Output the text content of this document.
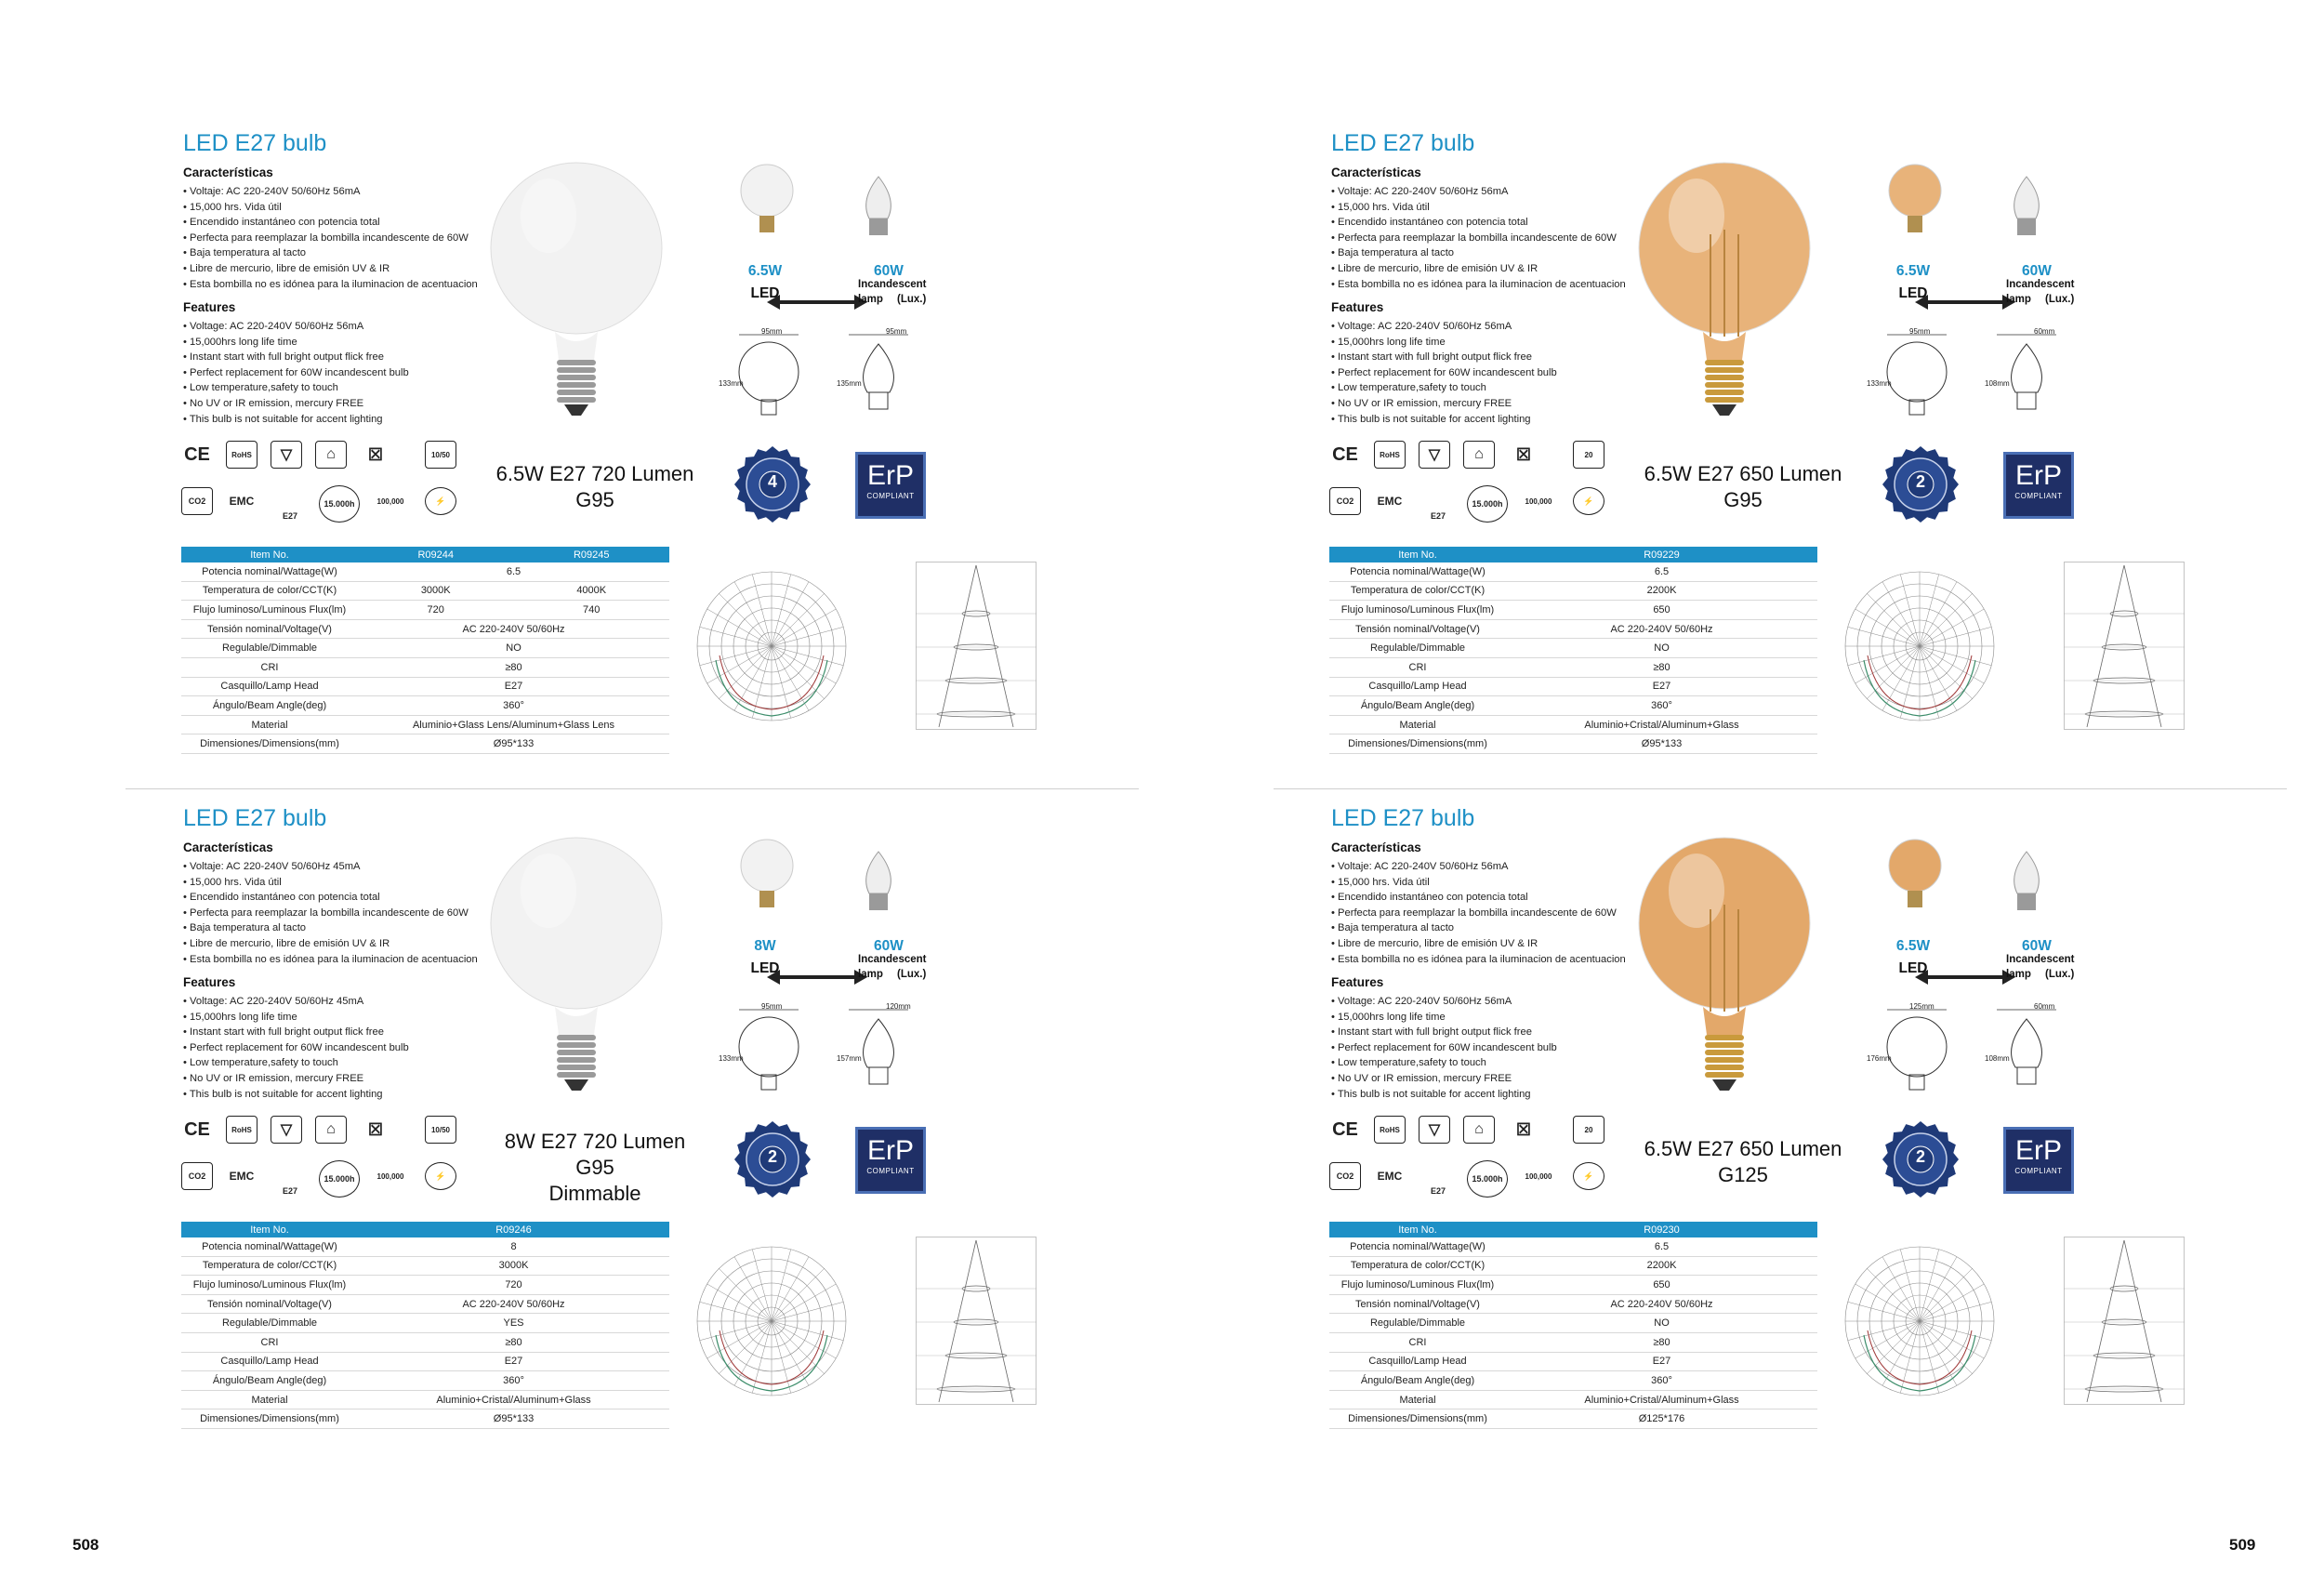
LED E27 bulb
Características
• Voltaje: AC 220-240V 50/60Hz 56mA
• 15,000 hrs. Vida útil
• Encendido instantáneo con potencia total
• Perfecta para reemplazar la bombilla incandescente de 60W
• Baja temperatura al tacto
• Libre de mercurio, libre de emisión UV & IR
• Esta bombilla no es idónea para la iluminacion de acentuacion
Features
• Voltage: AC 220-240V 50/60Hz 56mA
• 15,000hrs long life time
• Instant start with full bright output flick free
• Perfect replacement for 60W incandescent bulb
• Low temperature,safety to touch
• No UV or IR emission, mercury FREE
• This bulb is not suitable for accent lighting
6.5W
LED
60W
Incandescent
lamp (Lux.)
95mm
133mm
95mm
135mm
CE	RoHS	▽	⌂	☒	10/50
CO2	EMC
E27
15.000h	100,000	⚡
6.5W E27 720 Lumen
G95
4	ErP
COMPLIANT
Item No.	R09244	R09245
Potencia nominal/Wattage(W)	6.5	
Temperatura de color/CCT(K)	3000K	4000K
Flujo luminoso/Luminous Flux(lm)	720	740
Tensión nominal/Voltage(V)	AC 220-240V 50/60Hz	
Regulable/Dimmable	NO	
CRI	≥80	
Casquillo/Lamp Head	E27	
Ángulo/Beam Angle(deg)	360°	
Material	Aluminio+Glass Lens/Aluminum+Glass Lens	
Dimensiones/Dimensions(mm)	Ø95*133	
LED E27 bulb
Características
• Voltaje: AC 220-240V 50/60Hz 56mA
• 15,000 hrs. Vida útil
• Encendido instantáneo con potencia total
• Perfecta para reemplazar la bombilla incandescente de 60W
• Baja temperatura al tacto
• Libre de mercurio, libre de emisión UV & IR
• Esta bombilla no es idónea para la iluminacion de acentuacion
Features
• Voltage: AC 220-240V 50/60Hz 56mA
• 15,000hrs long life time
• Instant start with full bright output flick free
• Perfect replacement for 60W incandescent bulb
• Low temperature,safety to touch
• No UV or IR emission, mercury FREE
• This bulb is not suitable for accent lighting
6.5W
LED
60W
Incandescent
lamp (Lux.)
95mm
133mm
60mm
108mm
CE	RoHS	▽	⌂	☒	20
CO2	EMC
E27
15.000h	100,000	⚡
6.5W E27 650 Lumen
G95
2	ErP
COMPLIANT
Item No.	R09229	
Potencia nominal/Wattage(W)	6.5	
Temperatura de color/CCT(K)	2200K	
Flujo luminoso/Luminous Flux(lm)	650	
Tensión nominal/Voltage(V)	AC 220-240V 50/60Hz	
Regulable/Dimmable	NO	
CRI	≥80	
Casquillo/Lamp Head	E27	
Ángulo/Beam Angle(deg)	360°	
Material	Aluminio+Cristal/Aluminum+Glass	
Dimensiones/Dimensions(mm)	Ø95*133	
LED E27 bulb
Características
• Voltaje: AC 220-240V 50/60Hz 45mA
• 15,000 hrs. Vida útil
• Encendido instantáneo con potencia total
• Perfecta para reemplazar la bombilla incandescente de 60W
• Baja temperatura al tacto
• Libre de mercurio, libre de emisión UV & IR
• Esta bombilla no es idónea para la iluminacion de acentuacion
Features
• Voltage: AC 220-240V 50/60Hz 45mA
• 15,000hrs long life time
• Instant start with full bright output flick free
• Perfect replacement for 60W incandescent bulb
• Low temperature,safety to touch
• No UV or IR emission, mercury FREE
• This bulb is not suitable for accent lighting
8W
LED
60W
Incandescent
lamp (Lux.)
95mm
133mm
120mm
157mm
CE	RoHS	▽	⌂	☒	10/50
CO2	EMC
E27
15.000h	100,000	⚡
8W E27 720 Lumen
G95
Dimmable
2	ErP
COMPLIANT
Item No.	R09246	
Potencia nominal/Wattage(W)	8	
Temperatura de color/CCT(K)	3000K	
Flujo luminoso/Luminous Flux(lm)	720	
Tensión nominal/Voltage(V)	AC 220-240V 50/60Hz	
Regulable/Dimmable	YES	
CRI	≥80	
Casquillo/Lamp Head	E27	
Ángulo/Beam Angle(deg)	360°	
Material	Aluminio+Cristal/Aluminum+Glass	
Dimensiones/Dimensions(mm)	Ø95*133	
LED E27 bulb
Características
• Voltaje: AC 220-240V 50/60Hz 56mA
• 15,000 hrs. Vida útil
• Encendido instantáneo con potencia total
• Perfecta para reemplazar la bombilla incandescente de 60W
• Baja temperatura al tacto
• Libre de mercurio, libre de emisión UV & IR
• Esta bombilla no es idónea para la iluminacion de acentuacion
Features
• Voltage: AC 220-240V 50/60Hz 56mA
• 15,000hrs long life time
• Instant start with full bright output flick free
• Perfect replacement for 60W incandescent bulb
• Low temperature,safety to touch
• No UV or IR emission, mercury FREE
• This bulb is not suitable for accent lighting
6.5W
LED
60W
Incandescent
lamp (Lux.)
125mm
176mm
60mm
108mm
CE	RoHS	▽	⌂	☒	20
CO2	EMC
E27
15.000h	100,000	⚡
6.5W E27 650 Lumen
G125
2	ErP
COMPLIANT
Item No.	R09230	
Potencia nominal/Wattage(W)	6.5	
Temperatura de color/CCT(K)	2200K	
Flujo luminoso/Luminous Flux(lm)	650	
Tensión nominal/Voltage(V)	AC 220-240V 50/60Hz	
Regulable/Dimmable	NO	
CRI	≥80	
Casquillo/Lamp Head	E27	
Ángulo/Beam Angle(deg)	360°	
Material	Aluminio+Cristal/Aluminum+Glass	
Dimensiones/Dimensions(mm)	Ø125*176	
508	509
